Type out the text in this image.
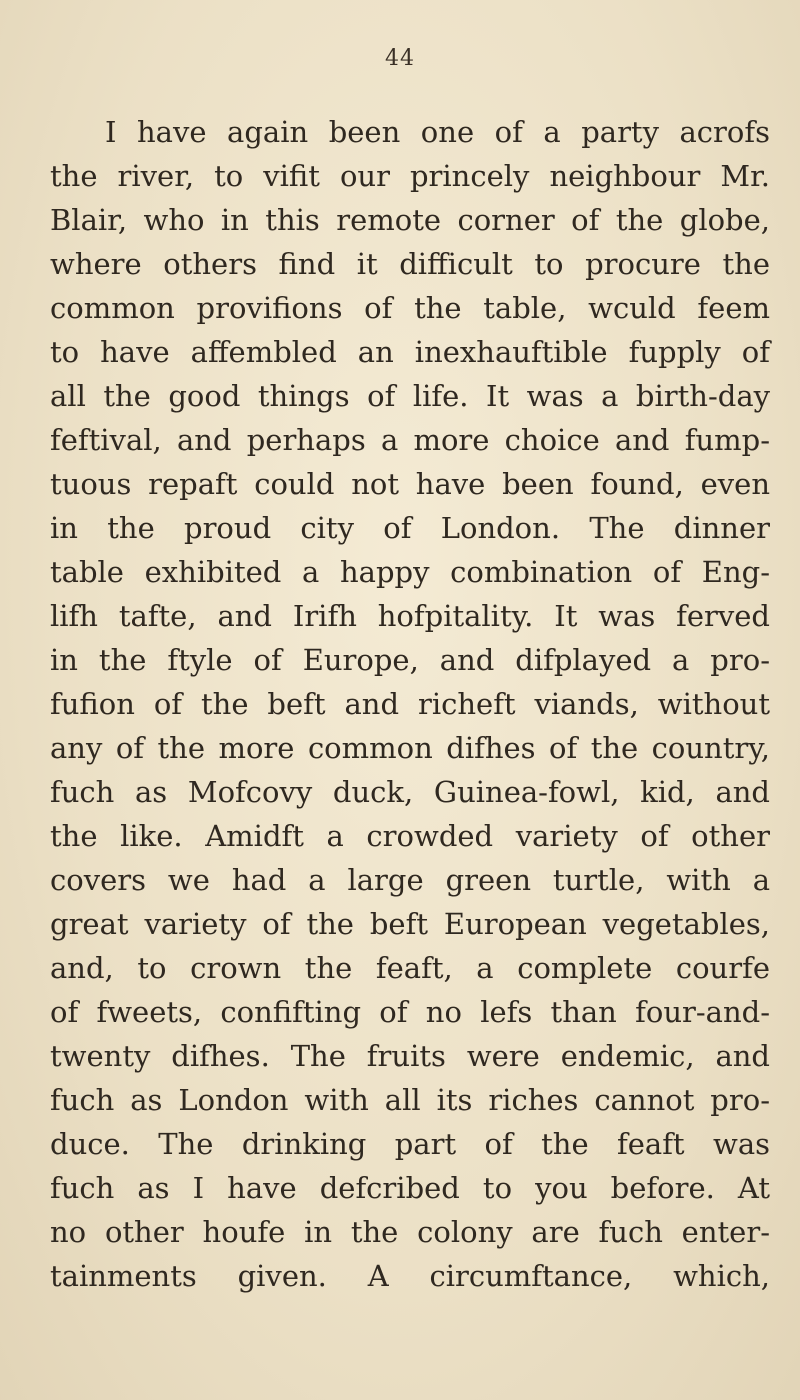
44
I have again been one of a party acrofs
the river, to vifit our princely neighbour Mr.
Blair, who in this remote corner of the globe,
where others find it difficult to procure the
common provifions of the table, wculd feem
to have affembled an inexhauftible fupply of
all the good things of life. It was a birth-day
feftival, and perhaps a more choice and fump-
tuous repaft could not have been found, even
in the proud city of London. The dinner
table exhibited a happy combination of Eng-
lifh tafte, and Irifh hofpitality. It was ferved
in the ftyle of Europe, and difplayed a pro-
fufion of the beft and richeft viands, without
any of the more common difhes of the country,
fuch as Mofcovy duck, Guinea-fowl, kid, and
the like. Amidft a crowded variety of other
covers we had a large green turtle, with a
great variety of the beft European vegetables,
and, to crown the feaft, a complete courfe
of fweets, confifting of no lefs than four-and-
twenty difhes. The fruits were endemic, and
fuch as London with all its riches cannot pro-
duce. The drinking part of the feaft was
fuch as I have defcribed to you before. At
no other houfe in the colony are fuch enter-
tainments given. A circumftance, which,
